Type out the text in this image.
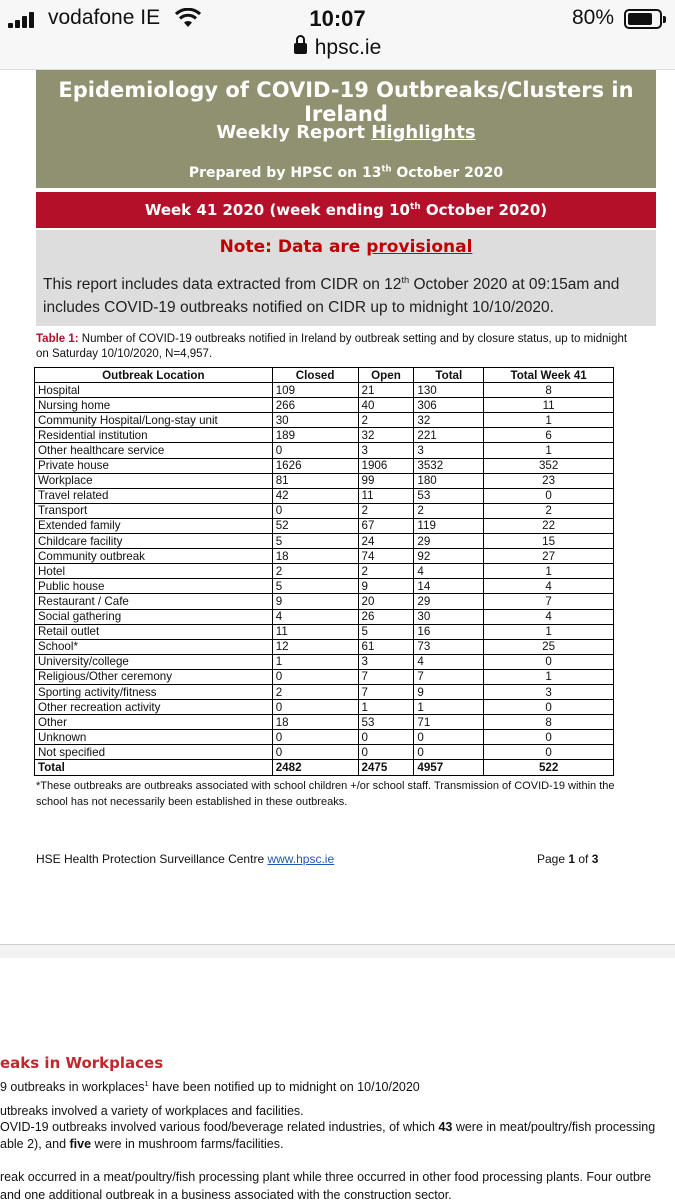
vodafone IE	10:07	80%
hpsc.ie
Epidemiology of COVID-19 Outbreaks/Clusters in Ireland
Weekly Report Highlights
Prepared by HPSC on 13th October 2020
Week 41 2020 (week ending 10th October 2020)
Note: Data are provisional
This report includes data extracted from CIDR on 12th October 2020 at 09:15am and includes COVID-19 outbreaks notified on CIDR up to midnight 10/10/2020.
Table 1: Number of COVID-19 outbreaks notified in Ireland by outbreak setting and by closure status, up to midnight on Saturday 10/10/2020, N=4,957.
Outbreak Location	Closed	Open	Total	Total Week 41
Hospital	109	21	130	8
Nursing home	266	40	306	11
Community Hospital/Long-stay unit	30	2	32	1
Residential institution	189	32	221	6
Other healthcare service	0	3	3	1
Private house	1626	1906	3532	352
Workplace	81	99	180	23
Travel related	42	11	53	0
Transport	0	2	2	2
Extended family	52	67	119	22
Childcare facility	5	24	29	15
Community outbreak	18	74	92	27
Hotel	2	2	4	1
Public house	5	9	14	4
Restaurant / Cafe	9	20	29	7
Social gathering	4	26	30	4
Retail outlet	11	5	16	1
School*	12	61	73	25
University/college	1	3	4	0
Religious/Other ceremony	0	7	7	1
Sporting activity/fitness	2	7	9	3
Other recreation activity	0	1	1	0
Other	18	53	71	8
Unknown	0	0	0	0
Not specified	0	0	0	0
Total	2482	2475	4957	522
*These outbreaks are outbreaks associated with school children +/or school staff. Transmission of COVID-19 within the school has not necessarily been established in these outbreaks.
HSE Health Protection Surveillance Centre www.hpsc.ie	Page 1 of 3
eaks in Workplaces
9 outbreaks in workplaces$^1$ have been notified up to midnight on 10/10/2020
utbreaks involved a variety of workplaces and facilities.
OVID-19 outbreaks involved various food/beverage related industries, of which 43 were in meat/poultry/fish processing
able 2), and five were in mushroom farms/facilities.
reak occurred in a meat/poultry/fish processing plant while three occurred in other food processing plants. Four outbre
and one additional outbreak in a business associated with the construction sector.
